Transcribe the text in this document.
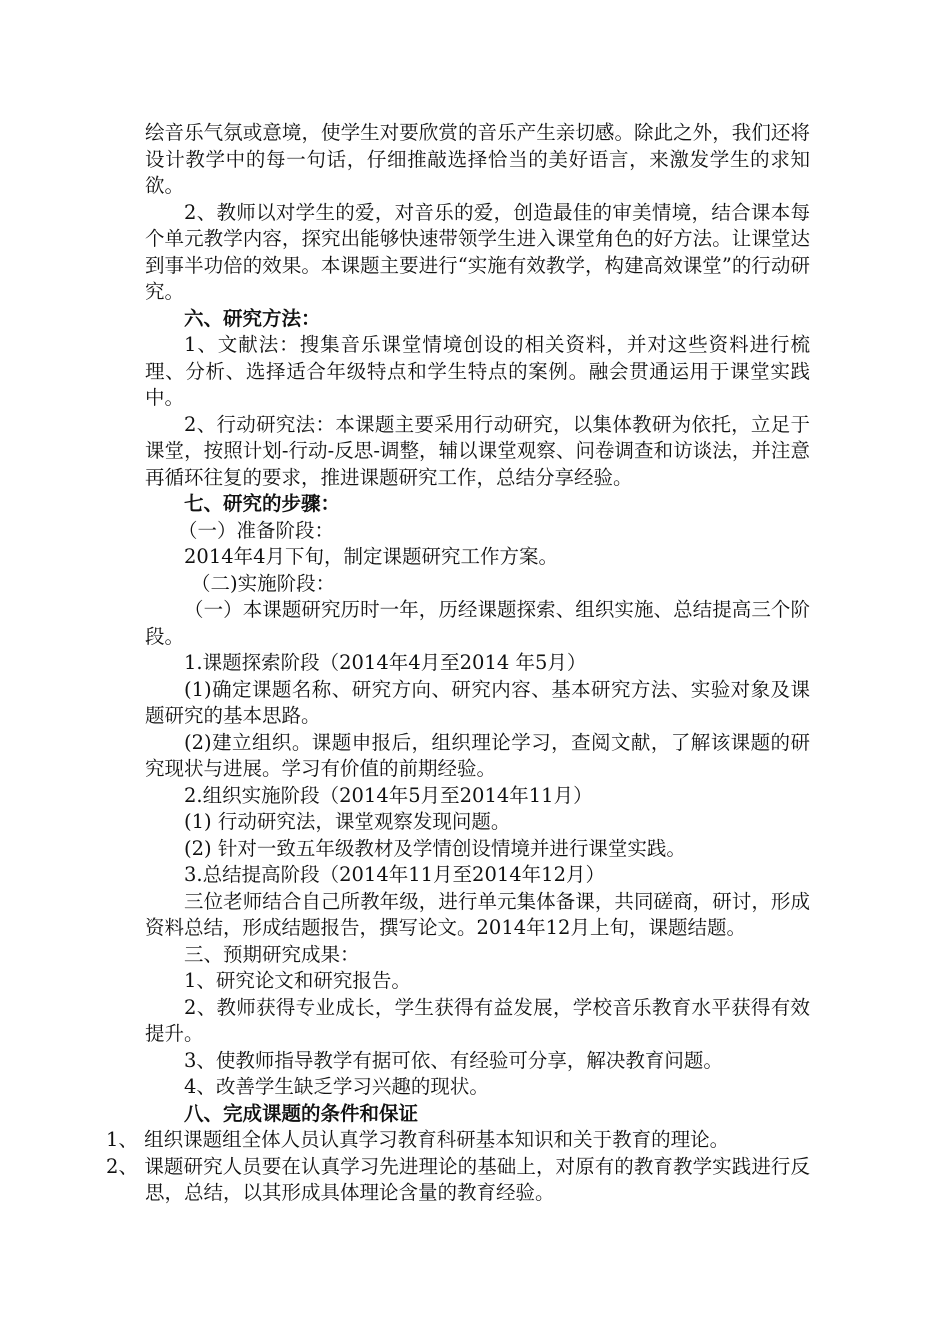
绘音乐气氛或意境，使学生对要欣赏的音乐产生亲切感。除此之外，我们还将设计教学中的每一句话，仔细推敲选择恰当的美好语言，来激发学生的求知欲。

2、教师以对学生的爱，对音乐的爱，创造最佳的审美情境，结合课本每个单元教学内容，探究出能够快速带领学生进入课堂角色的好方法。让课堂达到事半功倍的效果。本课题主要进行“实施有效教学，构建高效课堂”的行动研究。

六、研究方法：

1、文献法：搜集音乐课堂情境创设的相关资料，并对这些资料进行梳理、分析、选择适合年级特点和学生特点的案例。融会贯通运用于课堂实践中。

2、行动研究法：本课题主要采用行动研究，以集体教研为依托，立足于课堂，按照计划-行动-反思-调整，辅以课堂观察、问卷调查和访谈法，并注意再循环往复的要求，推进课题研究工作，总结分享经验。

七、研究的步骤：

（一）准备阶段：

2014年4月下旬，制定课题研究工作方案。

（二)实施阶段：

（一）本课题研究历时一年，历经课题探索、组织实施、总结提高三个阶段。

1.课题探索阶段（2014年4月至2014 年5月）

(1)确定课题名称、研究方向、研究内容、基本研究方法、实验对象及课题研究的基本思路。

(2)建立组织。课题申报后，组织理论学习，查阅文献，了解该课题的研究现状与进展。学习有价值的前期经验。

2.组织实施阶段（2014年5月至2014年11月）

(1) 行动研究法，课堂观察发现问题。

(2) 针对一致五年级教材及学情创设情境并进行课堂实践。

3.总结提高阶段（2014年11月至2014年12月）

三位老师结合自己所教年级，进行单元集体备课，共同磋商，研讨，形成资料总结，形成结题报告，撰写论文。2014年12月上旬，课题结题。

三、预期研究成果：

1、研究论文和研究报告。

2、教师获得专业成长，学生获得有益发展，学校音乐教育水平获得有效提升。

3、使教师指导教学有据可依、有经验可分享，解决教育问题。

4、改善学生缺乏学习兴趣的现状。

八、完成课题的条件和保证

1、 组织课题组全体人员认真学习教育科研基本知识和关于教育的理论。

2、 课题研究人员要在认真学习先进理论的基础上，对原有的教育教学实践进行反思，总结，以其形成具体理论含量的教育经验。
